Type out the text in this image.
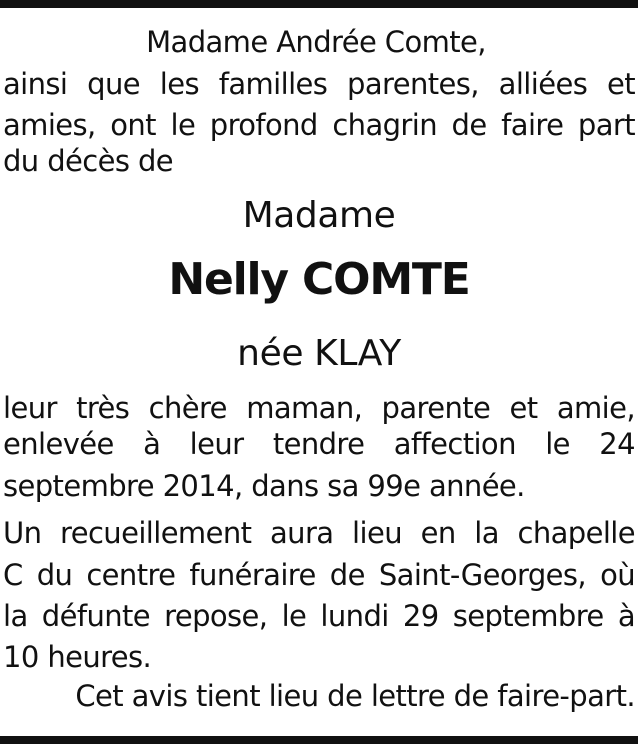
Madame Andrée Comte,
ainsi que les familles parentes, alliées et
amies, ont le profond chagrin de faire part
du décès de
Madame
Nelly COMTE
née KLAY
leur très chère maman, parente et amie,
enlevée à leur tendre affection le 24
septembre 2014, dans sa 99e année.
Un recueillement aura lieu en la chapelle
C du centre funéraire de Saint-Georges, où
la défunte repose, le lundi 29 septembre à
10 heures.
Cet avis tient lieu de lettre de faire-part.
